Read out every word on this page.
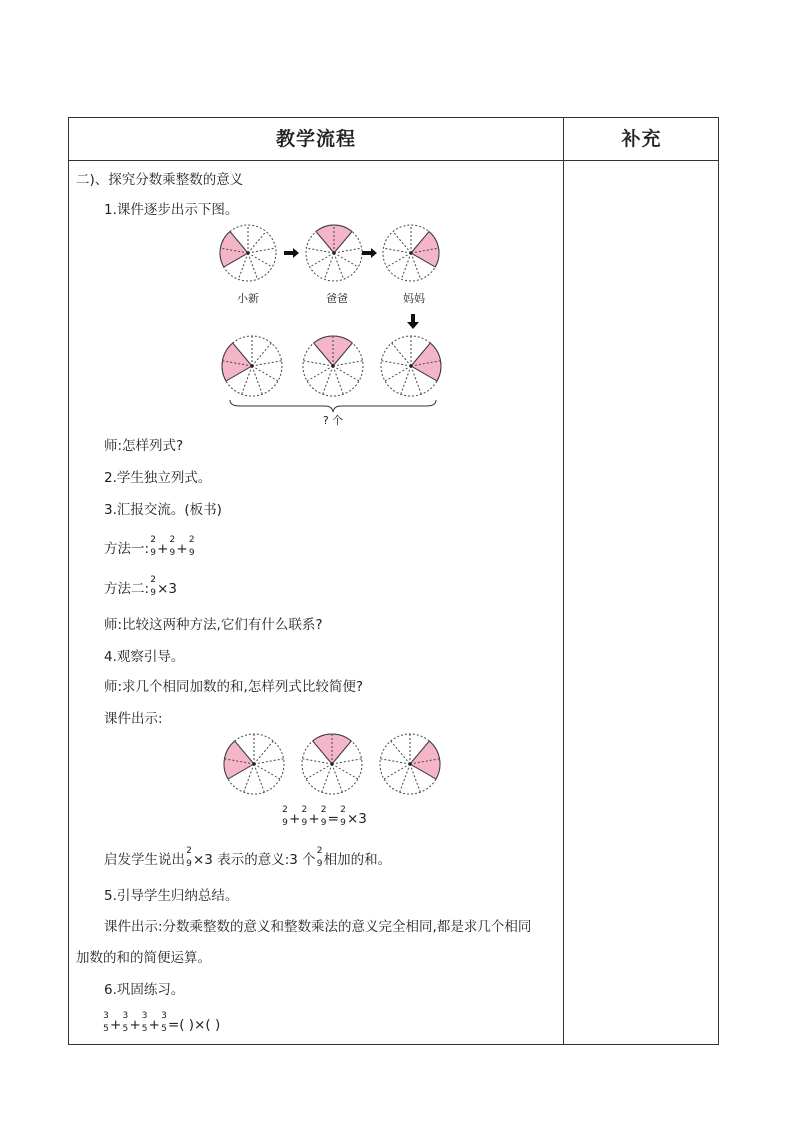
教学流程	补充
二)、探究分数乘整数的意义
1.课件逐步出示下图。
小新	爸爸	妈妈
? 个
师:怎样列式?
2.学生独立列式。
3.汇报交流。(板书)
方法一:
2
9 +
2
9 +
2
9
方法二:
2
9 ×3
师:比较这两种方法,它们有什么联系?
4.观察引导。
师:求几个相同加数的和,怎样列式比较简便?
课件出示:
2
9 +
2
9 +
2
9 =
2
9 ×3
启发学生说出
2
9 ×3 表示的意义:3 个
2
9 相加的和。
5.引导学生归纳总结。
课件出示:分数乘整数的意义和整数乘法的意义完全相同,都是求几个相同
加数的和的简便运算。
6.巩固练习。
3
5 +
3
5 +
3
5 +
3
5 =( )×( )
